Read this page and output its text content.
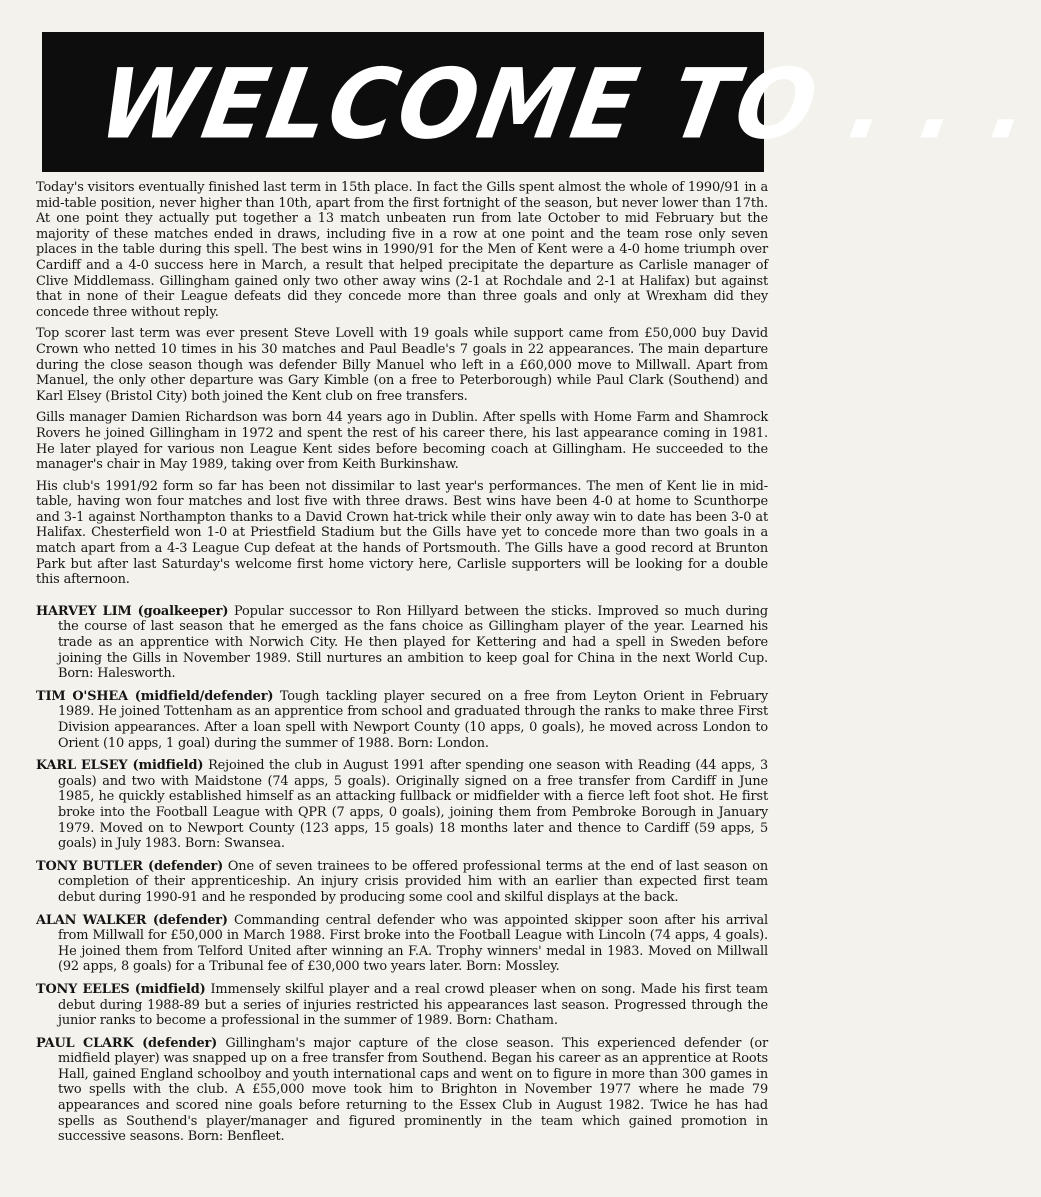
WELCOME TO . . .

Today's visitors eventually finished last term in 15th place. In fact the Gills spent almost the whole of 1990/91 in a mid-table position, never higher than 10th, apart from the first fortnight of the season, but never lower than 17th. At one point they actually put together a 13 match unbeaten run from late October to mid February but the majority of these matches ended in draws, including five in a row at one point and the team rose only seven places in the table during this spell. The best wins in 1990/91 for the Men of Kent were a 4-0 home triumph over Cardiff and a 4-0 success here in March, a result that helped precipitate the departure as Carlisle manager of Clive Middlemass. Gillingham gained only two other away wins (2-1 at Rochdale and 2-1 at Halifax) but against that in none of their League defeats did they concede more than three goals and only at Wrexham did they concede three without reply.

Top scorer last term was ever present Steve Lovell with 19 goals while support came from £50,000 buy David Crown who netted 10 times in his 30 matches and Paul Beadle's 7 goals in 22 appearances. The main departure during the close season though was defender Billy Manuel who left in a £60,000 move to Millwall. Apart from Manuel, the only other departure was Gary Kimble (on a free to Peterborough) while Paul Clark (Southend) and Karl Elsey (Bristol City) both joined the Kent club on free transfers.

Gills manager Damien Richardson was born 44 years ago in Dublin. After spells with Home Farm and Shamrock Rovers he joined Gillingham in 1972 and spent the rest of his career there, his last appearance coming in 1981. He later played for various non League Kent sides before becoming coach at Gillingham. He succeeded to the manager's chair in May 1989, taking over from Keith Burkinshaw.

His club's 1991/92 form so far has been not dissimilar to last year's performances. The men of Kent lie in mid-table, having won four matches and lost five with three draws. Best wins have been 4-0 at home to Scunthorpe and 3-1 against Northampton thanks to a David Crown hat-trick while their only away win to date has been 3-0 at Halifax. Chesterfield won 1-0 at Priestfield Stadium but the Gills have yet to concede more than two goals in a match apart from a 4-3 League Cup defeat at the hands of Portsmouth. The Gills have a good record at Brunton Park but after last Saturday's welcome first home victory here, Carlisle supporters will be looking for a double this afternoon.

HARVEY LIM (goalkeeper) Popular successor to Ron Hillyard between the sticks. Improved so much during the course of last season that he emerged as the fans choice as Gillingham player of the year. Learned his trade as an apprentice with Norwich City. He then played for Kettering and had a spell in Sweden before joining the Gills in November 1989. Still nurtures an ambition to keep goal for China in the next World Cup. Born: Halesworth.

TIM O'SHEA (midfield/defender) Tough tackling player secured on a free from Leyton Orient in February 1989. He joined Tottenham as an apprentice from school and graduated through the ranks to make three First Division appearances. After a loan spell with Newport County (10 apps, 0 goals), he moved across London to Orient (10 apps, 1 goal) during the summer of 1988. Born: London.

KARL ELSEY (midfield) Rejoined the club in August 1991 after spending one season with Reading (44 apps, 3 goals) and two with Maidstone (74 apps, 5 goals). Originally signed on a free transfer from Cardiff in June 1985, he quickly established himself as an attacking fullback or midfielder with a fierce left foot shot. He first broke into the Football League with QPR (7 apps, 0 goals), joining them from Pembroke Borough in January 1979. Moved on to Newport County (123 apps, 15 goals) 18 months later and thence to Cardiff (59 apps, 5 goals) in July 1983. Born: Swansea.

TONY BUTLER (defender) One of seven trainees to be offered professional terms at the end of last season on completion of their apprenticeship. An injury crisis provided him with an earlier than expected first team debut during 1990-91 and he responded by producing some cool and skilful displays at the back.

ALAN WALKER (defender) Commanding central defender who was appointed skipper soon after his arrival from Millwall for £50,000 in March 1988. First broke into the Football League with Lincoln (74 apps, 4 goals). He joined them from Telford United after winning an F.A. Trophy winners' medal in 1983. Moved on Millwall (92 apps, 8 goals) for a Tribunal fee of £30,000 two years later. Born: Mossley.

TONY EELES (midfield) Immensely skilful player and a real crowd pleaser when on song. Made his first team debut during 1988-89 but a series of injuries restricted his appearances last season. Progressed through the junior ranks to become a professional in the summer of 1989. Born: Chatham.

PAUL CLARK (defender) Gillingham's major capture of the close season. This experienced defender (or midfield player) was snapped up on a free transfer from Southend. Began his career as an apprentice at Roots Hall, gained England schoolboy and youth international caps and went on to figure in more than 300 games in two spells with the club. A £55,000 move took him to Brighton in November 1977 where he made 79 appearances and scored nine goals before returning to the Essex Club in August 1982. Twice he has had spells as Southend's player/manager and figured prominently in the team which gained promotion in successive seasons. Born: Benfleet.
